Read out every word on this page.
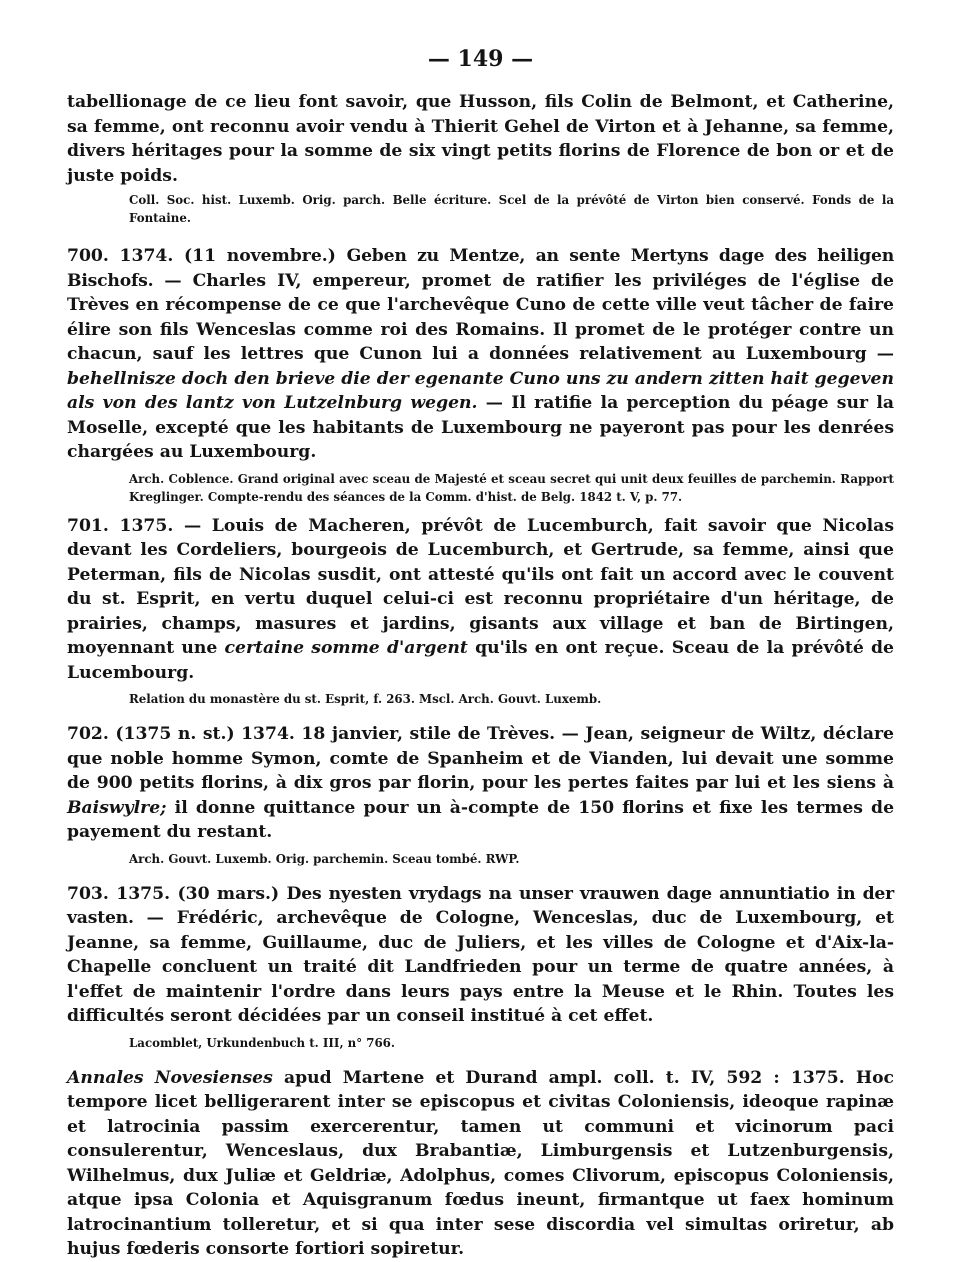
— 149 —

tabellionage de ce lieu font savoir, que Husson, fils Colin de Belmont, et Catherine, sa femme, ont reconnu avoir vendu à Thierit Gehel de Virton et à Jehanne, sa femme, divers héritages pour la somme de six vingt petits florins de Florence de bon or et de juste poids.

Coll. Soc. hist. Luxemb. Orig. parch. Belle écriture. Scel de la prévôté de Virton bien conservé. Fonds de la Fontaine.

700. 1374. (11 novembre.) Geben zu Mentze, an sente Mertyns dage des heiligen Bischofs. — Charles IV, empereur, promet de ratifier les priviléges de l'église de Trèves en récompense de ce que l'archevêque Cuno de cette ville veut tâcher de faire élire son fils Wenceslas comme roi des Romains. Il promet de le protéger contre un chacun, sauf les lettres que Cunon lui a données relativement au Luxembourg — behellnisze doch den brieve die der egenante Cuno uns zu andern zitten hait gegeven als von des lantz von Lutzelnburg wegen. — Il ratifie la perception du péage sur la Moselle, excepté que les habitants de Luxembourg ne payeront pas pour les denrées chargées au Luxembourg.

Arch. Coblence. Grand original avec sceau de Majesté et sceau secret qui unit deux feuilles de parchemin. Rapport Kreglinger. Compte-rendu des séances de la Comm. d'hist. de Belg. 1842 t. V, p. 77.

701. 1375. — Louis de Macheren, prévôt de Lucemburch, fait savoir que Nicolas devant les Cordeliers, bourgeois de Lucemburch, et Gertrude, sa femme, ainsi que Peterman, fils de Nicolas susdit, ont attesté qu'ils ont fait un accord avec le couvent du st. Esprit, en vertu duquel celui-ci est reconnu propriétaire d'un héritage, de prairies, champs, masures et jardins, gisants aux village et ban de Birtingen, moyennant une certaine somme d'argent qu'ils en ont reçue. Sceau de la prévôté de Lucembourg.

Relation du monastère du st. Esprit, f. 263. Mscl. Arch. Gouvt. Luxemb.

702. (1375 n. st.) 1374. 18 janvier, stile de Trèves. — Jean, seigneur de Wiltz, déclare que noble homme Symon, comte de Spanheim et de Vianden, lui devait une somme de 900 petits florins, à dix gros par florin, pour les pertes faites par lui et les siens à Baiswylre; il donne quittance pour un à-compte de 150 florins et fixe les termes de payement du restant.

Arch. Gouvt. Luxemb. Orig. parchemin. Sceau tombé. RWP.

703. 1375. (30 mars.) Des nyesten vrydags na unser vrauwen dage annuntiatio in der vasten. — Frédéric, archevêque de Cologne, Wenceslas, duc de Luxembourg, et Jeanne, sa femme, Guillaume, duc de Juliers, et les villes de Cologne et d'Aix-la-Chapelle concluent un traité dit Landfrieden pour un terme de quatre années, à l'effet de maintenir l'ordre dans leurs pays entre la Meuse et le Rhin. Toutes les difficultés seront décidées par un conseil institué à cet effet.

Lacomblet, Urkundenbuch t. III, n° 766.

Annales Novesienses apud Martene et Durand ampl. coll. t. IV, 592 : 1375. Hoc tempore licet belligerarent inter se episcopus et civitas Coloniensis, ideoque rapinæ et latrocinia passim exercerentur, tamen ut communi et vicinorum paci consulerentur, Wenceslaus, dux Brabantiæ, Limburgensis et Lutzenburgensis, Wilhelmus, dux Juliæ et Geldriæ, Adolphus, comes Clivorum, episcopus Coloniensis, atque ipsa Colonia et Aquisgranum fœdus ineunt, firmantque ut faex hominum latrocinantium tolleretur, et si qua inter sese discordia vel simultas oriretur, ab hujus fœderis consorte fortiori sopiretur.
